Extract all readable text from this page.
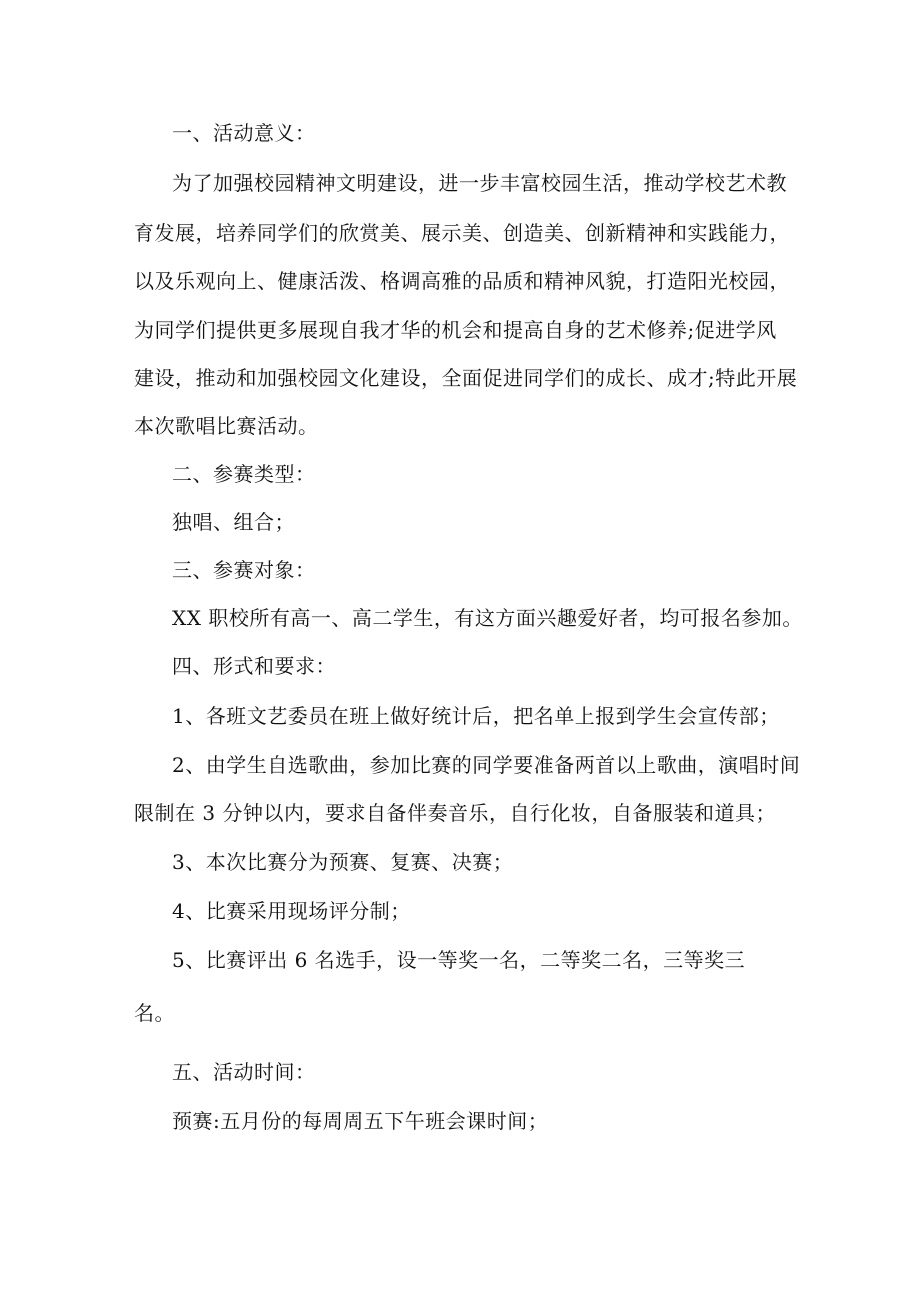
一、活动意义：
为了加强校园精神文明建设，进一步丰富校园生活，推动学校艺术教
育发展，培养同学们的欣赏美、展示美、创造美、创新精神和实践能力，
以及乐观向上、健康活泼、格调高雅的品质和精神风貌，打造阳光校园，
为同学们提供更多展现自我才华的机会和提高自身的艺术修养;促进学风
建设，推动和加强校园文化建设，全面促进同学们的成长、成才;特此开展
本次歌唱比赛活动。
二、参赛类型：
独唱、组合；
三、参赛对象：
XX 职校所有高一、高二学生，有这方面兴趣爱好者，均可报名参加。
四、形式和要求：
1、各班文艺委员在班上做好统计后，把名单上报到学生会宣传部；
2、由学生自选歌曲，参加比赛的同学要准备两首以上歌曲，演唱时间
限制在 3 分钟以内，要求自备伴奏音乐，自行化妆，自备服装和道具；
3、本次比赛分为预赛、复赛、决赛；
4、比赛采用现场评分制；
5、比赛评出 6 名选手，设一等奖一名，二等奖二名，三等奖三
名。
五、活动时间：
预赛:五月份的每周周五下午班会课时间；
